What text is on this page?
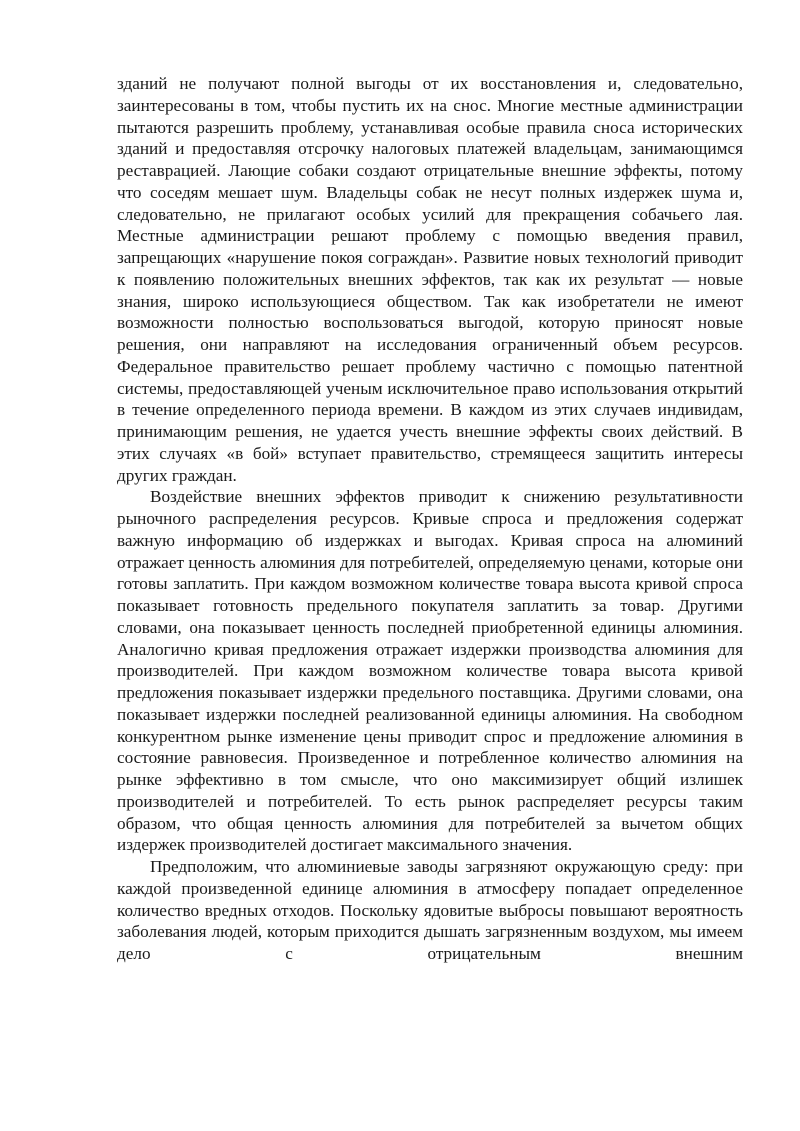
зданий не получают полной выгоды от их восстановления и, следовательно, заинтересованы в том, чтобы пустить их на снос. Многие местные администрации пытаются разрешить проблему, устанавливая особые правила сноса исторических зданий и предоставляя отсрочку налоговых платежей владельцам, занимающимся реставрацией. Лающие собаки создают отрицательные внешние эффекты, потому что соседям мешает шум. Владельцы собак не несут полных издержек шума и, следовательно, не прилагают особых усилий для прекращения собачьего лая. Местные администрации решают проблему с помощью введения правил, запрещающих «нарушение покоя сограждан». Развитие новых технологий приводит к появлению положительных внешних эффектов, так как их результат — новые знания, широко использующиеся обществом. Так как изобретатели не имеют возможности полностью воспользоваться выгодой, которую приносят новые решения, они направляют на исследования ограниченный объем ресурсов. Федеральное правительство решает проблему частично с помощью патентной системы, предоставляющей ученым исключительное право использования открытий в течение определенного периода времени. В каждом из этих случаев индивидам, принимающим решения, не удается учесть внешние эффекты своих действий. В этих случаях «в бой» вступает правительство, стремящееся защитить интересы других граждан.

Воздействие внешних эффектов приводит к снижению результативности рыночного распределения ресурсов. Кривые спроса и предложения содержат важную информацию об издержках и выгодах. Кривая спроса на алюминий отражает ценность алюминия для потребителей, определяемую ценами, которые они готовы заплатить. При каждом возможном количестве товара высота кривой спроса показывает готовность предельного покупателя заплатить за товар. Другими словами, она показывает ценность последней приобретенной единицы алюминия. Аналогично кривая предложения отражает издержки производства алюминия для производителей. При каждом возможном количестве товара высота кривой предложения показывает издержки предельного поставщика. Другими словами, она показывает издержки последней реализованной единицы алюминия. На свободном конкурентном рынке изменение цены приводит спрос и предложение алюминия в состояние равновесия. Произведенное и потребленное количество алюминия на рынке эффективно в том смысле, что оно максимизирует общий излишек производителей и потребителей. То есть рынок распределяет ресурсы таким образом, что общая ценность алюминия для потребителей за вычетом общих издержек производителей достигает максимального значения.

Предположим, что алюминиевые заводы загрязняют окружающую среду: при каждой произведенной единице алюминия в атмосферу попадает определенное количество вредных отходов. Поскольку ядовитые выбросы повышают вероятность заболевания людей, которым приходится дышать загрязненным воздухом, мы имеем дело с отрицательным внешним
